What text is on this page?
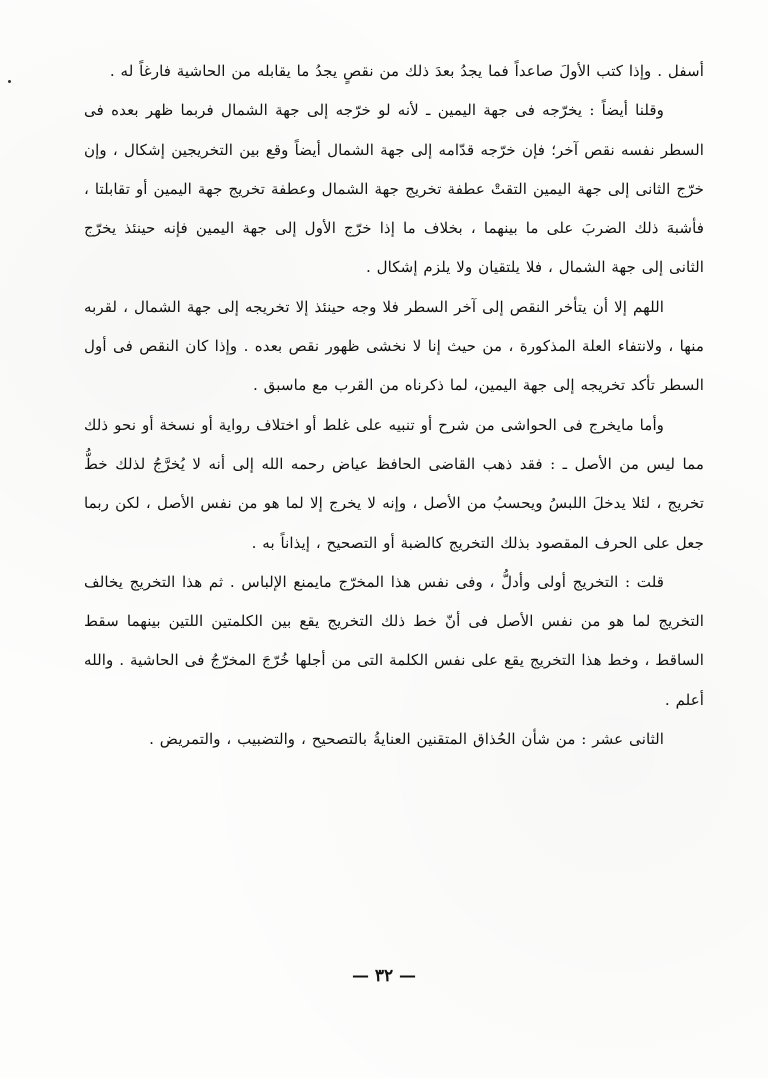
أسفل . وإذا كتب الأولَ صاعداً فما يجدُ بعدَ ذلك من نقصٍ يجدُ ما يقابله من الحاشية فارغاً له .

وقلنا أيضاً : يخرّجه فى جهة اليمين ـ لأنه لو خرّجه إلى جهة الشمال فربما ظهر بعده فى السطر نفسه نقص آخر؛ فإن خرّجه قدّامه إلى جهة الشمال أيضاً وقع بين التخريجين إشكال ، وإن خرّج الثانى إلى جهة اليمين التقتْ عطفة تخريج جهة الشمال وعطفة تخريج جهة اليمين أو تقابلتا ، فأشبهَ ذلك الضربَ على ما بينهما ، بخلاف ما إذا خرّج الأول إلى جهة اليمين فإنه حينئذ يخرّج الثانى إلى جهة الشمال ، فلا يلتقيان ولا يلزم إشكال .

اللهم إلا أن يتأخر النقص إلى آخر السطر فلا وجه حينئذ إلا تخريجه إلى جهة الشمال ، لقربه منها ، ولانتفاء العلة المذكورة ، من حيث إنا لا نخشى ظهور نقص بعده . وإذا كان النقص فى أول السطر تأكد تخريجه إلى جهة اليمين، لما ذكرناه من القرب مع ماسبق .

وأما مايخرج فى الحواشى من شرح أو تنبيه على غلط أو اختلاف رواية أو نسخة أو نحو ذلك مما ليس من الأصل ـ : فقد ذهب القاضى الحافظ عياض رحمه الله إلى أنه لا يُخرَّجُ لذلك خطُّ تخريج ، لئلا يدخلَ اللبسُ ويحسبُ من الأصل ، وإنه لا يخرج إلا لما هو من نفس الأصل ، لكن ربما جعل على الحرف المقصود بذلك التخريج كالضبة أو التصحيح ، إيذاناً به .

قلت : التخريج أولى وأدلُّ ، وفى نفس هذا المخرّج مايمنع الإلباس . ثم هذا التخريج يخالف التخريج لما هو من نفس الأصل فى أنّ خط ذلك التخريج يقع بين الكلمتين اللتين بينهما سقط الساقط ، وخط هذا التخريج يقع على نفس الكلمة التى من أجلها خُرّجَ المخرّجُ فى الحاشية . والله أعلم .

الثانى عشر : من شأن الحُذاق المتقنين العنايةُ بالتصحيح ، والتضبيب ، والتمريض .

— ٣٢ —
